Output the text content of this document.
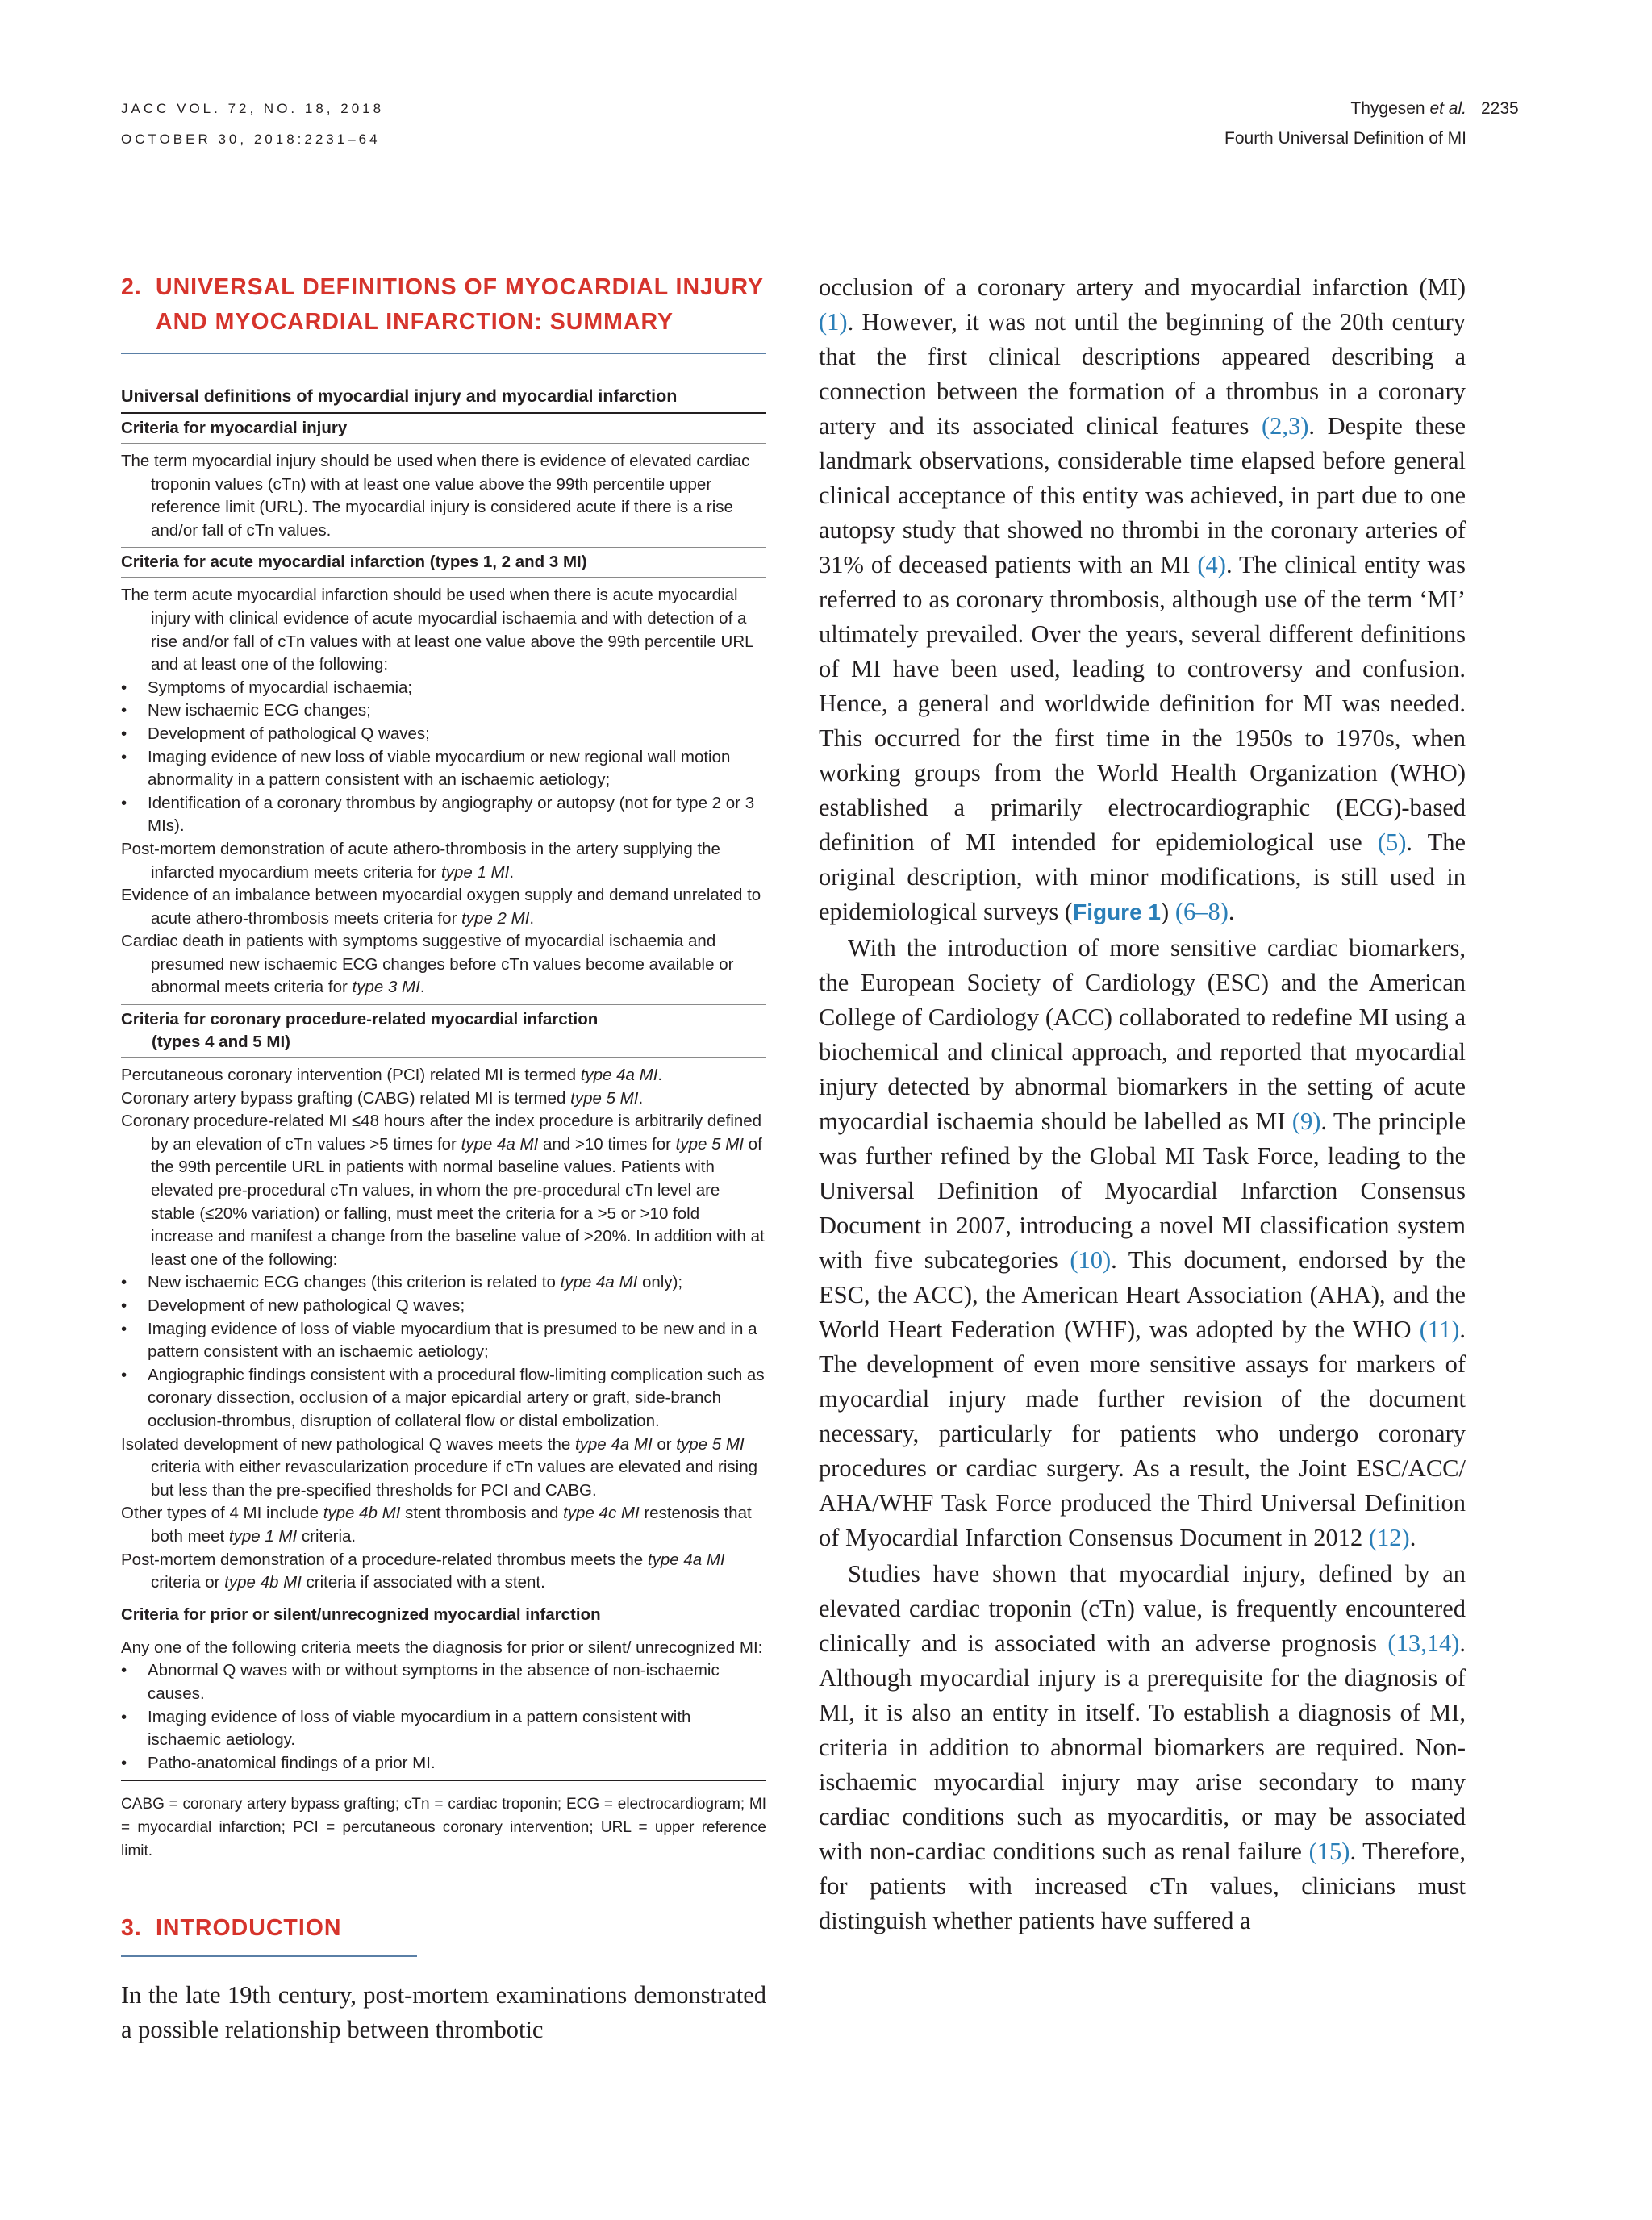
JACC VOL. 72, NO. 18, 2018
OCTOBER 30, 2018:2231–64
Thygesen et al.
Fourth Universal Definition of MI
2235
2. UNIVERSAL DEFINITIONS OF MYOCARDIAL INJURY
AND MYOCARDIAL INFARCTION: SUMMARY
Universal definitions of myocardial injury and myocardial infarction
Criteria for myocardial injury

The term myocardial injury should be used when there is evidence of elevated cardiac troponin values (cTn) with at least one value above the 99th percentile upper reference limit (URL). The myocardial injury is considered acute if there is a rise and/or fall of cTn values.

Criteria for acute myocardial infarction (types 1, 2 and 3 MI)

The term acute myocardial infarction should be used when there is acute myocardial injury with clinical evidence of acute myocardial ischaemia and with detection of a rise and/or fall of cTn values with at least one value above the 99th percentile URL and at least one of the following:

• Symptoms of myocardial ischaemia;

• New ischaemic ECG changes;

• Development of pathological Q waves;

• Imaging evidence of new loss of viable myocardium or new regional wall motion abnormality in a pattern consistent with an ischaemic aetiology;

• Identification of a coronary thrombus by angiography or autopsy (not for type 2 or 3 MIs).

Post-mortem demonstration of acute athero-thrombosis in the artery supplying the infarcted myocardium meets criteria for type 1 MI.

Evidence of an imbalance between myocardial oxygen supply and demand unrelated to acute athero-thrombosis meets criteria for type 2 MI.

Cardiac death in patients with symptoms suggestive of myocardial ischaemia and presumed new ischaemic ECG changes before cTn values become available or abnormal meets criteria for type 3 MI.

Criteria for coronary procedure-related myocardial infarction
(types 4 and 5 MI)

Percutaneous coronary intervention (PCI) related MI is termed type 4a MI.

Coronary artery bypass grafting (CABG) related MI is termed type 5 MI.

Coronary procedure-related MI ≤48 hours after the index procedure is arbitrarily defined by an elevation of cTn values >5 times for type 4a MI and >10 times for type 5 MI of the 99th percentile URL in patients with normal baseline values. Patients with elevated pre-procedural cTn values, in whom the pre-procedural cTn level are stable (≤20% variation) or falling, must meet the criteria for a >5 or >10 fold increase and manifest a change from the baseline value of >20%. In addition with at least one of the following:

• New ischaemic ECG changes (this criterion is related to type 4a MI only);

• Development of new pathological Q waves;

• Imaging evidence of loss of viable myocardium that is presumed to be new and in a pattern consistent with an ischaemic aetiology;

• Angiographic findings consistent with a procedural flow-limiting complication such as coronary dissection, occlusion of a major epicardial artery or graft, side-branch occlusion-thrombus, disruption of collateral flow or distal embolization.

Isolated development of new pathological Q waves meets the type 4a MI or type 5 MI criteria with either revascularization procedure if cTn values are elevated and rising but less than the pre-specified thresholds for PCI and CABG.

Other types of 4 MI include type 4b MI stent thrombosis and type 4c MI restenosis that both meet type 1 MI criteria.

Post-mortem demonstration of a procedure-related thrombus meets the type 4a MI criteria or type 4b MI criteria if associated with a stent.

Criteria for prior or silent/unrecognized myocardial infarction

Any one of the following criteria meets the diagnosis for prior or silent/ unrecognized MI:

• Abnormal Q waves with or without symptoms in the absence of non-ischaemic causes.

• Imaging evidence of loss of viable myocardium in a pattern consistent with ischaemic aetiology.

• Patho-anatomical findings of a prior MI.

CABG = coronary artery bypass grafting; cTn = cardiac troponin; ECG = electrocardiogram; MI = myocardial infarction; PCI = percutaneous coronary intervention; URL = upper reference limit.
3. INTRODUCTION

In the late 19th century, post-mortem examinations demonstrated a possible relationship between thrombotic

occlusion of a coronary artery and myocardial infarction (MI) (1). However, it was not until the beginning of the 20th century that the first clinical descriptions appeared describing a connection between the formation of a thrombus in a coronary artery and its associated clinical features (2,3). Despite these landmark observations, considerable time elapsed before general clinical acceptance of this entity was achieved, in part due to one autopsy study that showed no thrombi in the coronary arteries of 31% of deceased patients with an MI (4). The clinical entity was referred to as coronary thrombosis, although use of the term ‘MI’ ultimately prevailed. Over the years, several different definitions of MI have been used, leading to controversy and confusion. Hence, a general and worldwide definition for MI was needed. This occurred for the first time in the 1950s to 1970s, when working groups from the World Health Organization (WHO) established a primarily electrocardiographic (ECG)-based definition of MI intended for epidemiological use (5). The original description, with minor modifications, is still used in epidemiological surveys (Figure 1) (6–8).

With the introduction of more sensitive cardiac biomarkers, the European Society of Cardiology (ESC) and the American College of Cardiology (ACC) collaborated to redefine MI using a biochemical and clinical approach, and reported that myocardial injury detected by abnormal biomarkers in the setting of acute myocardial ischaemia should be labelled as MI (9). The principle was further refined by the Global MI Task Force, leading to the Universal Definition of Myocardial Infarction Consensus Document in 2007, introducing a novel MI classification system with five subcategories (10). This document, endorsed by the ESC, the ACC), the American Heart Association (AHA), and the World Heart Federation (WHF), was adopted by the WHO (11). The development of even more sensitive assays for markers of myocardial injury made further revision of the document necessary, particularly for patients who undergo coronary procedures or cardiac surgery. As a result, the Joint ESC/ACC/ AHA/WHF Task Force produced the Third Universal Definition of Myocardial Infarction Consensus Document in 2012 (12).

Studies have shown that myocardial injury, defined by an elevated cardiac troponin (cTn) value, is frequently encountered clinically and is associated with an adverse prognosis (13,14). Although myocardial injury is a prerequisite for the diagnosis of MI, it is also an entity in itself. To establish a diagnosis of MI, criteria in addition to abnormal biomarkers are required. Non-ischaemic myocardial injury may arise secondary to many cardiac conditions such as myocarditis, or may be associated with non-cardiac conditions such as renal failure (15). Therefore, for patients with increased cTn values, clinicians must distinguish whether patients have suffered a
